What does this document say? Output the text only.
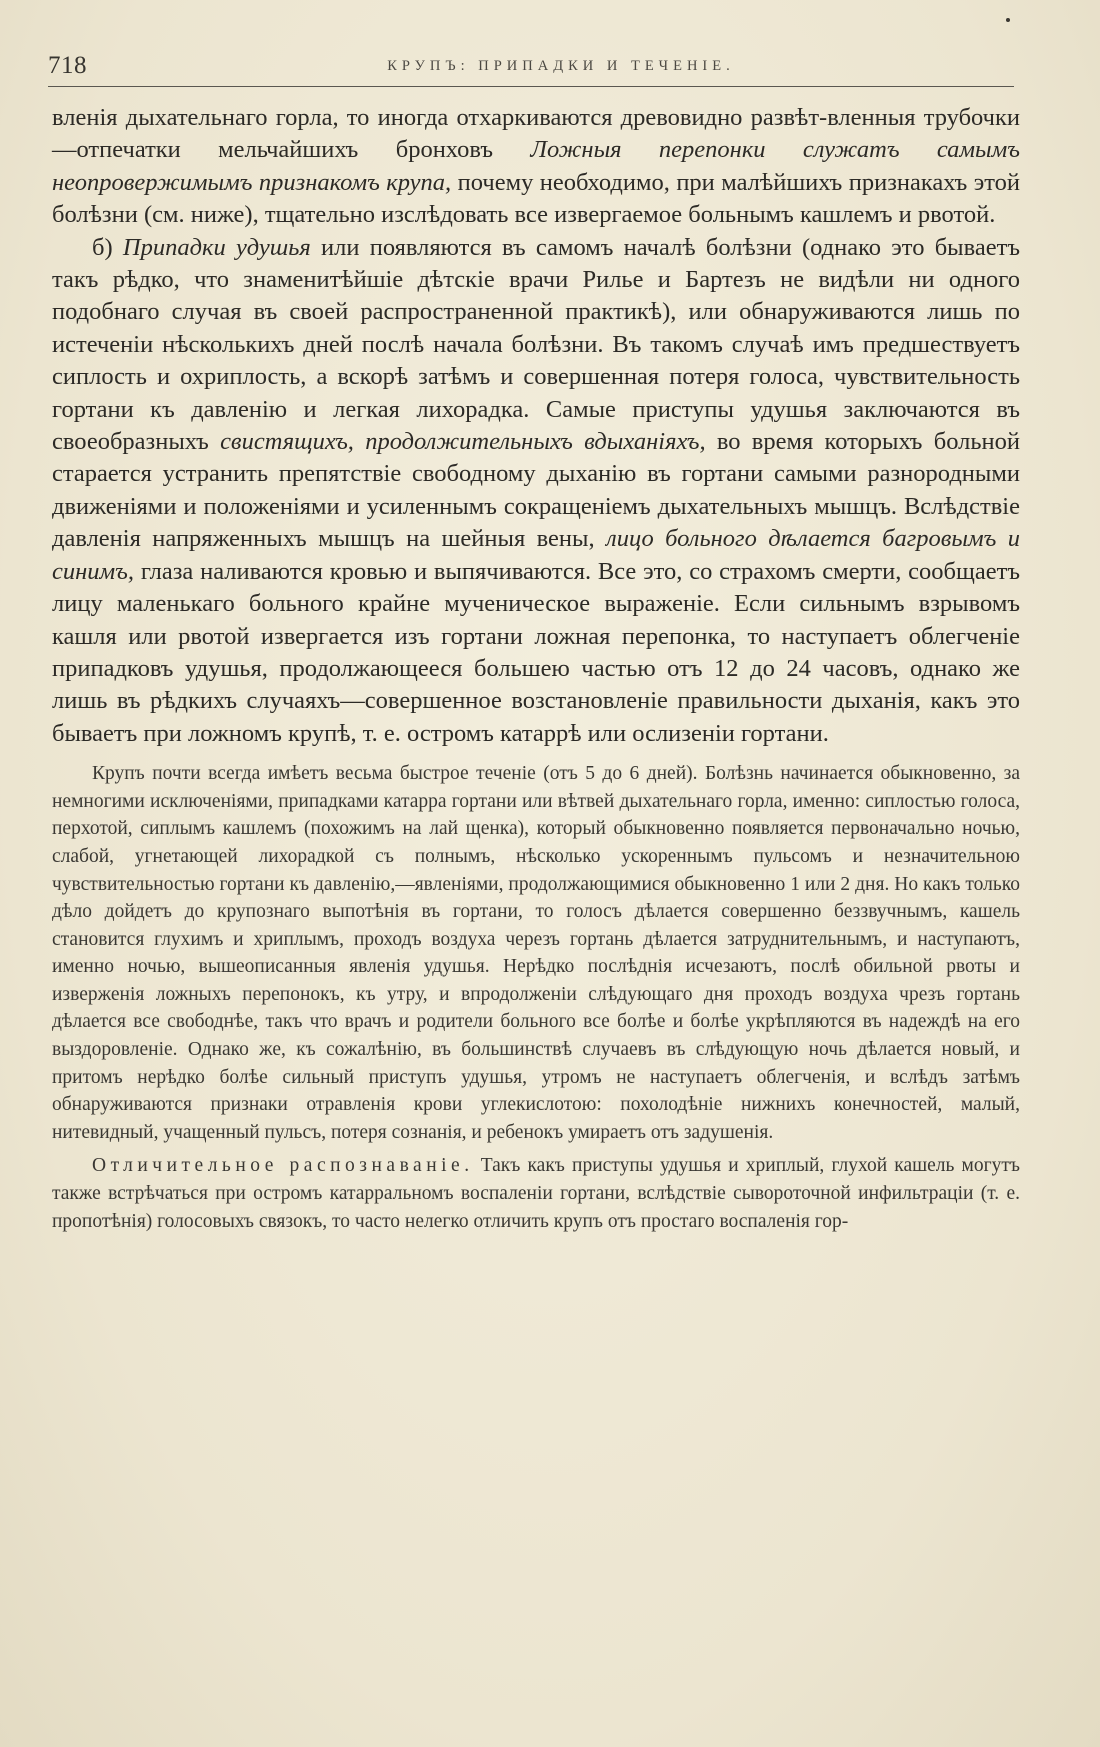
718	КРУПЪ: ПРИПАДКИ И ТЕЧЕНІЕ.

вленія дыхательнаго горла, то иногда отхаркиваются древовидно развѣт-вленныя трубочки—отпечатки мельчайшихъ бронховъ Ложныя перепонки служатъ самымъ неопровержимымъ признакомъ крупа, почему необходимо, при малѣйшихъ признакахъ этой болѣзни (см. ниже), тщательно изслѣдовать все извергаемое больнымъ кашлемъ и рвотой.

б) Припадки удушья или появляются въ самомъ началѣ болѣзни (однако это бываетъ такъ рѣдко, что знаменитѣйшіе дѣтскіе врачи Рилье и Бартезъ не видѣли ни одного подобнаго случая въ своей распространенной практикѣ), или обнаруживаются лишь по истеченіи нѣсколькихъ дней послѣ начала болѣзни. Въ такомъ случаѣ имъ предшествуетъ сиплость и охриплость, а вскорѣ затѣмъ и совершенная потеря голоса, чувствительность гортани къ давленію и легкая лихорадка. Самые приступы удушья заключаются въ своеобразныхъ свистящихъ, продолжительныхъ вдыханіяхъ, во время которыхъ больной старается устранить препятствіе свободному дыханію въ гортани самыми разнородными движеніями и положеніями и усиленнымъ сокращеніемъ дыхательныхъ мышцъ. Вслѣдствіе давленія напряженныхъ мышцъ на шейныя вены, лицо больного дѣлается багровымъ и синимъ, глаза наливаются кровью и выпячиваются. Все это, со страхомъ смерти, сообщаетъ лицу маленькаго больного крайне мученическое выраженіе. Если сильнымъ взрывомъ кашля или рвотой извергается изъ гортани ложная перепонка, то наступаетъ облегченіе припадковъ удушья, продолжающееся большею частью отъ 12 до 24 часовъ, однако же лишь въ рѣдкихъ случаяхъ—совершенное возстановленіе правильности дыханія, какъ это бываетъ при ложномъ крупѣ, т. е. остромъ катаррѣ или ослизеніи гортани.

Крупъ почти всегда имѣетъ весьма быстрое теченіе (отъ 5 до 6 дней). Болѣзнь начинается обыкновенно, за немногими исключеніями, припадками катарра гортани или вѣтвей дыхательнаго горла, именно: сиплостью голоса, перхотой, сиплымъ кашлемъ (похожимъ на лай щенка), который обыкновенно появляется первоначально ночью, слабой, угнетающей лихорадкой съ полнымъ, нѣсколько ускореннымъ пульсомъ и незначительною чувствительностью гортани къ давленію,—явленіями, продолжающимися обыкновенно 1 или 2 дня. Но какъ только дѣло дойдетъ до крупознаго выпотѣнія въ гортани, то голосъ дѣлается совершенно беззвучнымъ, кашель становится глухимъ и хриплымъ, проходъ воздуха черезъ гортань дѣлается затруднительнымъ, и наступаютъ, именно ночью, вышеописанныя явленія удушья. Нерѣдко послѣднія исчезаютъ, послѣ обильной рвоты и изверженія ложныхъ перепонокъ, къ утру, и впродолженіи слѣдующаго дня проходъ воздуха чрезъ гортань дѣлается все свободнѣе, такъ что врачъ и родители больного все болѣе и болѣе укрѣпляются въ надеждѣ на его выздоровленіе. Однако же, къ сожалѣнію, въ большинствѣ случаевъ въ слѣдующую ночь дѣлается новый, и притомъ нерѣдко болѣе сильный приступъ удушья, утромъ не наступаетъ облегченія, и вслѣдъ затѣмъ обнаруживаются признаки отравленія крови углекислотою: похолодѣніе нижнихъ конечностей, малый, нитевидный, учащенный пульсъ, потеря сознанія, и ребенокъ умираетъ отъ задушенія.

Отличительное распознаваніе. Такъ какъ приступы удушья и хриплый, глухой кашель могутъ также встрѣчаться при остромъ катарральномъ воспаленіи гортани, вслѣдствіе сывороточной инфильтраціи (т. е. пропотѣнія) голосовыхъ связокъ, то часто нелегко отличить крупъ отъ простаго воспаленія гор-
